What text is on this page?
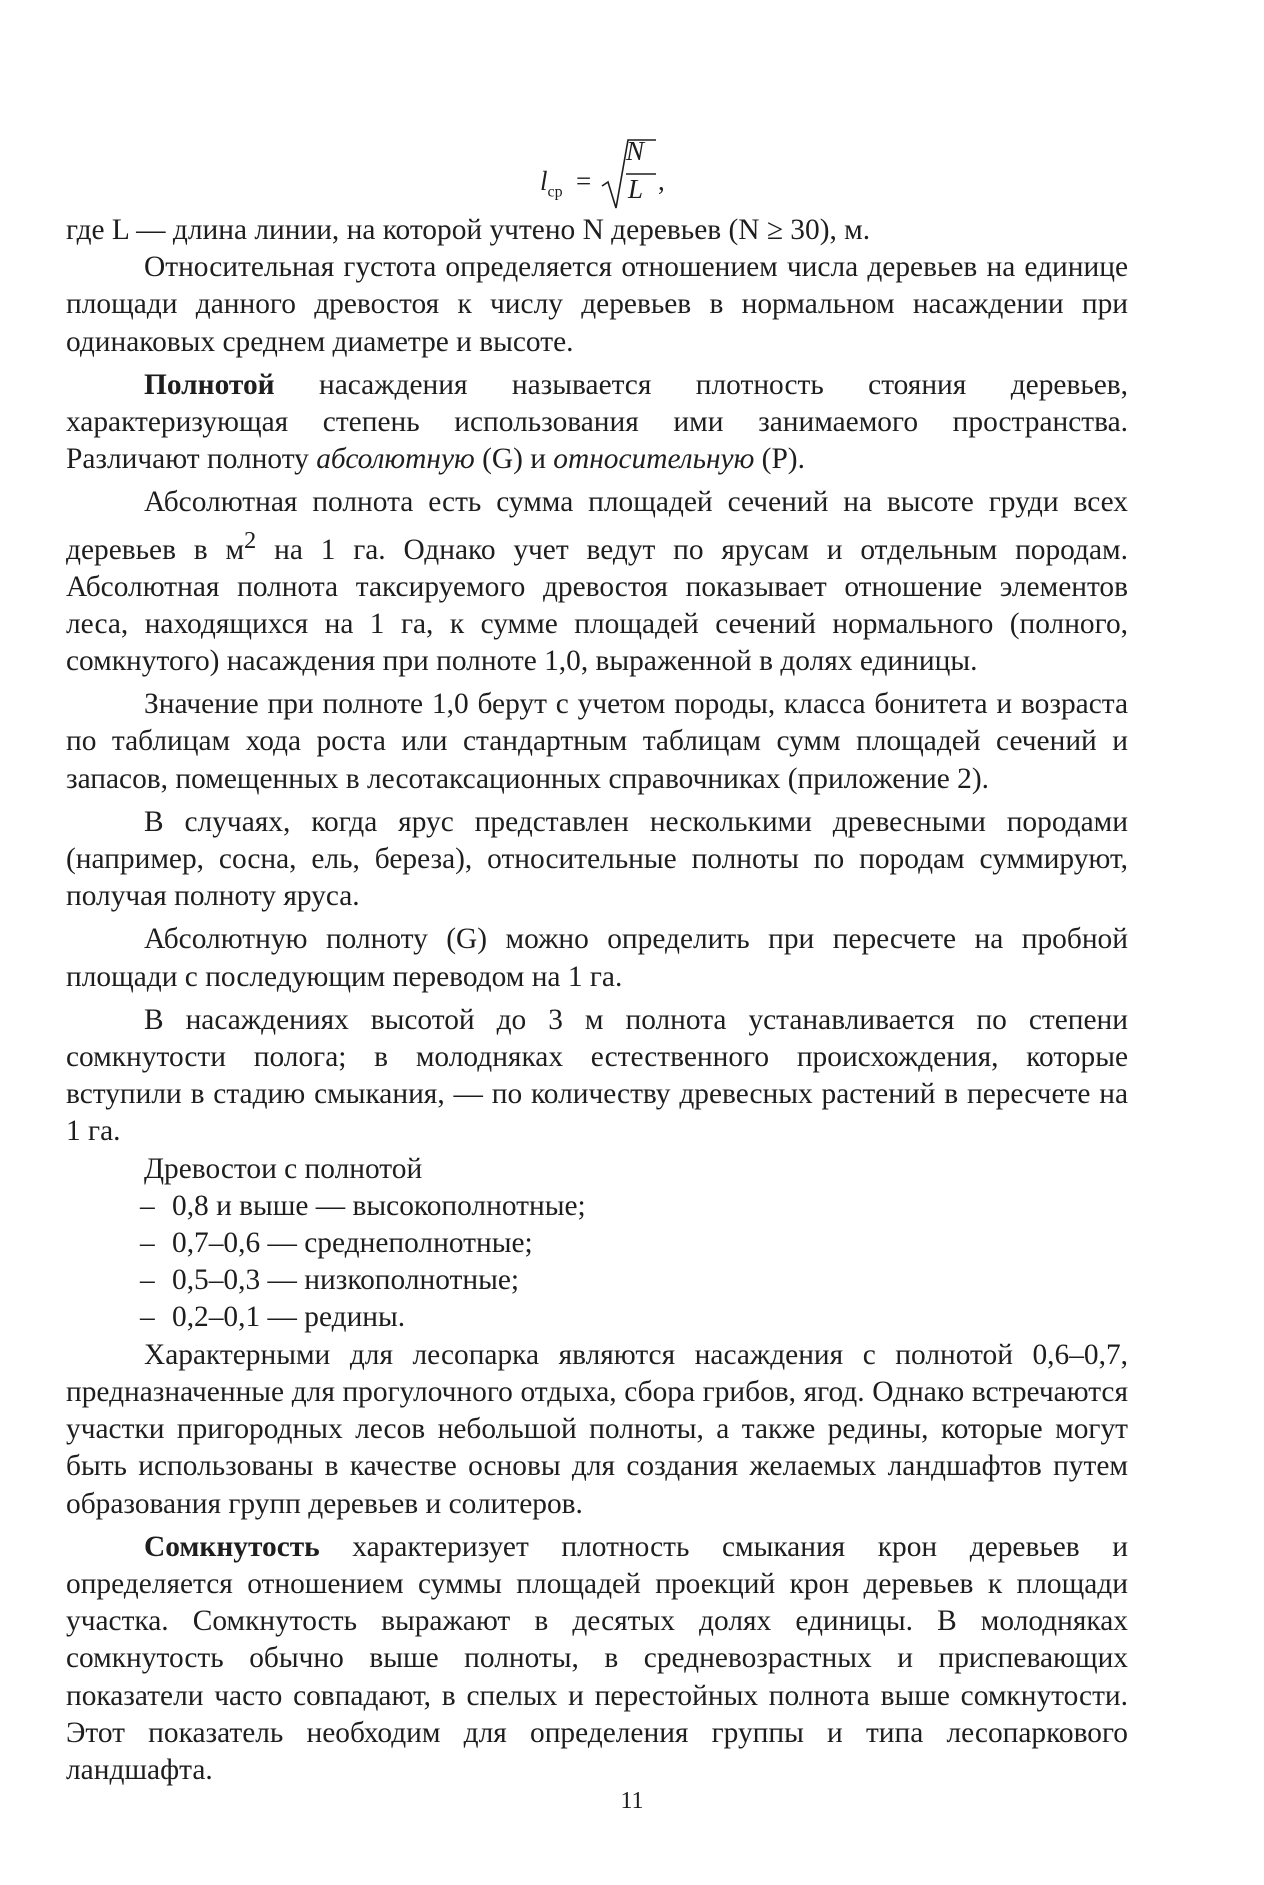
$l_{ср}$ =
N
L ,

где L — длина линии, на которой учтено N деревьев (N ≥ 30), м.

Относительная густота определяется отношением числа деревьев на единице площади данного древостоя к числу деревьев в нормальном насаждении при одинаковых среднем диаметре и высоте.

Полнотой насаждения называется плотность стояния деревьев, характеризующая степень использования ими занимаемого пространства. Различают полноту абсолютную (G) и относительную (P).

Абсолютная полнота есть сумма площадей сечений на высоте груди всех деревьев в $м^2$ на 1 га. Однако учет ведут по ярусам и отдельным породам. Абсолютная полнота таксируемого древостоя показывает отношение элементов леса, находящихся на 1 га, к сумме площадей сечений нормального (полного, сомкнутого) насаждения при полноте 1,0, выраженной в долях единицы.

Значение при полноте 1,0 берут с учетом породы, класса бонитета и возраста по таблицам хода роста или стандартным таблицам сумм площадей сечений и запасов, помещенных в лесотаксационных справочниках (приложение 2).

В случаях, когда ярус представлен несколькими древесными породами (например, сосна, ель, береза), относительные полноты по породам суммируют, получая полноту яруса.

Абсолютную полноту (G) можно определить при пересчете на пробной площади с последующим переводом на 1 га.

В насаждениях высотой до 3 м полнота устанавливается по степени сомкнутости полога; в молодняках естественного происхождения, которые вступили в стадию смыкания, — по количеству древесных растений в пересчете на 1 га.

Древостои с полнотой

– 0,8 и выше — высокополнотные;
– 0,7–0,6 — среднеполнотные;
– 0,5–0,3 — низкополнотные;
– 0,2–0,1 — редины.

Характерными для лесопарка являются насаждения с полнотой 0,6–0,7, предназначенные для прогулочного отдыха, сбора грибов, ягод. Однако встречаются участки пригородных лесов небольшой полноты, а также редины, которые могут быть использованы в качестве основы для создания желаемых ландшафтов путем образования групп деревьев и солитеров.

Сомкнутость характеризует плотность смыкания крон деревьев и определяется отношением суммы площадей проекций крон деревьев к площади участка. Сомкнутость выражают в десятых долях единицы. В молодняках сомкнутость обычно выше полноты, в средневозрастных и приспевающих показатели часто совпадают, в спелых и перестойных полнота выше сомкнутости. Этот показатель необходим для определения группы и типа лесопаркового ландшафта.

11
